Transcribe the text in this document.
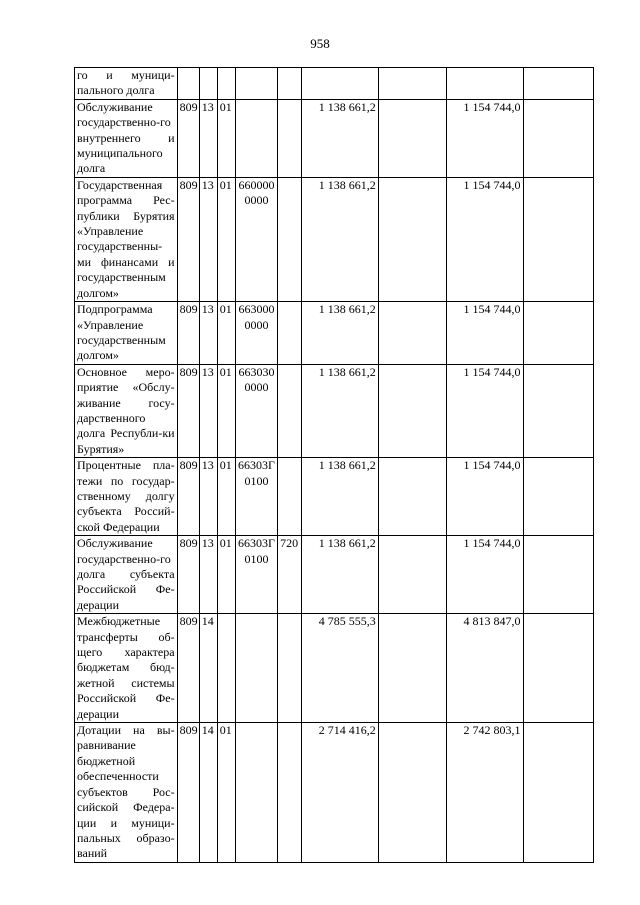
958
го и муници-пального долга									
Обслуживание государственно-го внутреннего и муниципального долга	809	13	01			1 138 661,2		1 154 744,0	
Государственная программа Рес-публики Бурятия «Управление государственны-ми финансами и государственным долгом»	809	13	01	660000 0000		1 138 661,2		1 154 744,0	
Подпрограмма «Управление государственным долгом»	809	13	01	663000 0000		1 138 661,2		1 154 744,0	
Основное меро-приятие «Обслу-живание госу-дарственного долга Республи-ки Бурятия»	809	13	01	663030 0000		1 138 661,2		1 154 744,0	
Процентные пла-тежи по государ-ственному долгу субъекта Россий-ской Федерации	809	13	01	66303Г 0100		1 138 661,2		1 154 744,0	
Обслуживание государственно-го долга субъекта Российской Фе-дерации	809	13	01	66303Г 0100	720	1 138 661,2		1 154 744,0	
Межбюджетные трансферты об-щего характера бюджетам бюд-жетной системы Российской Фе-дерации	809	14				4 785 555,3		4 813 847,0	
Дотации на вы-равнивание бюджетной обеспеченности субъектов Рос-сийской Федера-ции и муници-пальных образо-ваний	809	14	01			2 714 416,2		2 742 803,1	
